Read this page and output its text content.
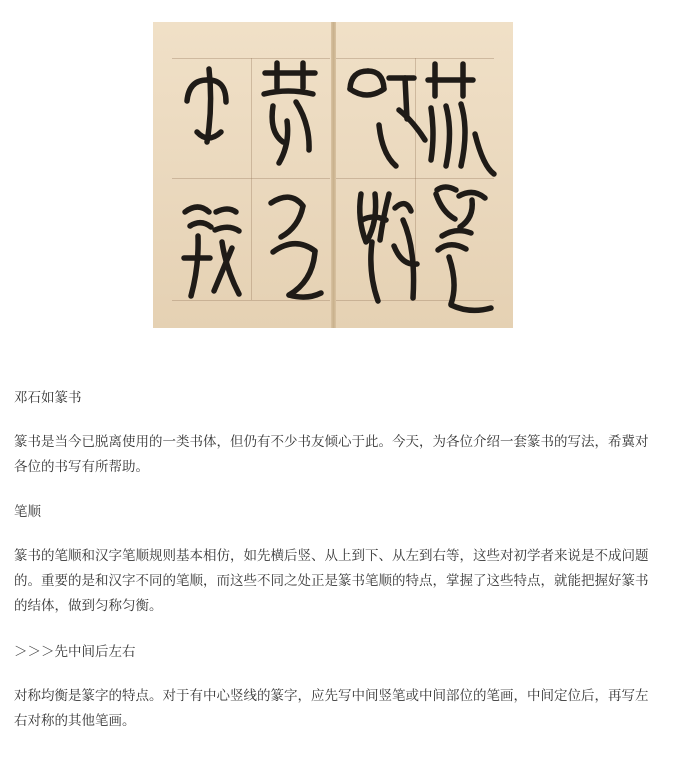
邓石如篆书

篆书是当今已脱离使用的一类书体，但仍有不少书友倾心于此。今天，为各位介绍一套篆书的写法，希冀对各位的书写有所帮助。

笔顺

篆书的笔顺和汉字笔顺规则基本相仿，如先横后竖、从上到下、从左到右等，这些对初学者来说是不成问题的。重要的是和汉字不同的笔顺，而这些不同之处正是篆书笔顺的特点，掌握了这些特点，就能把握好篆书的结体，做到匀称匀衡。

＞＞＞先中间后左右

对称均衡是篆字的特点。对于有中心竖线的篆字，应先写中间竖笔或中间部位的笔画，中间定位后，再写左右对称的其他笔画。
